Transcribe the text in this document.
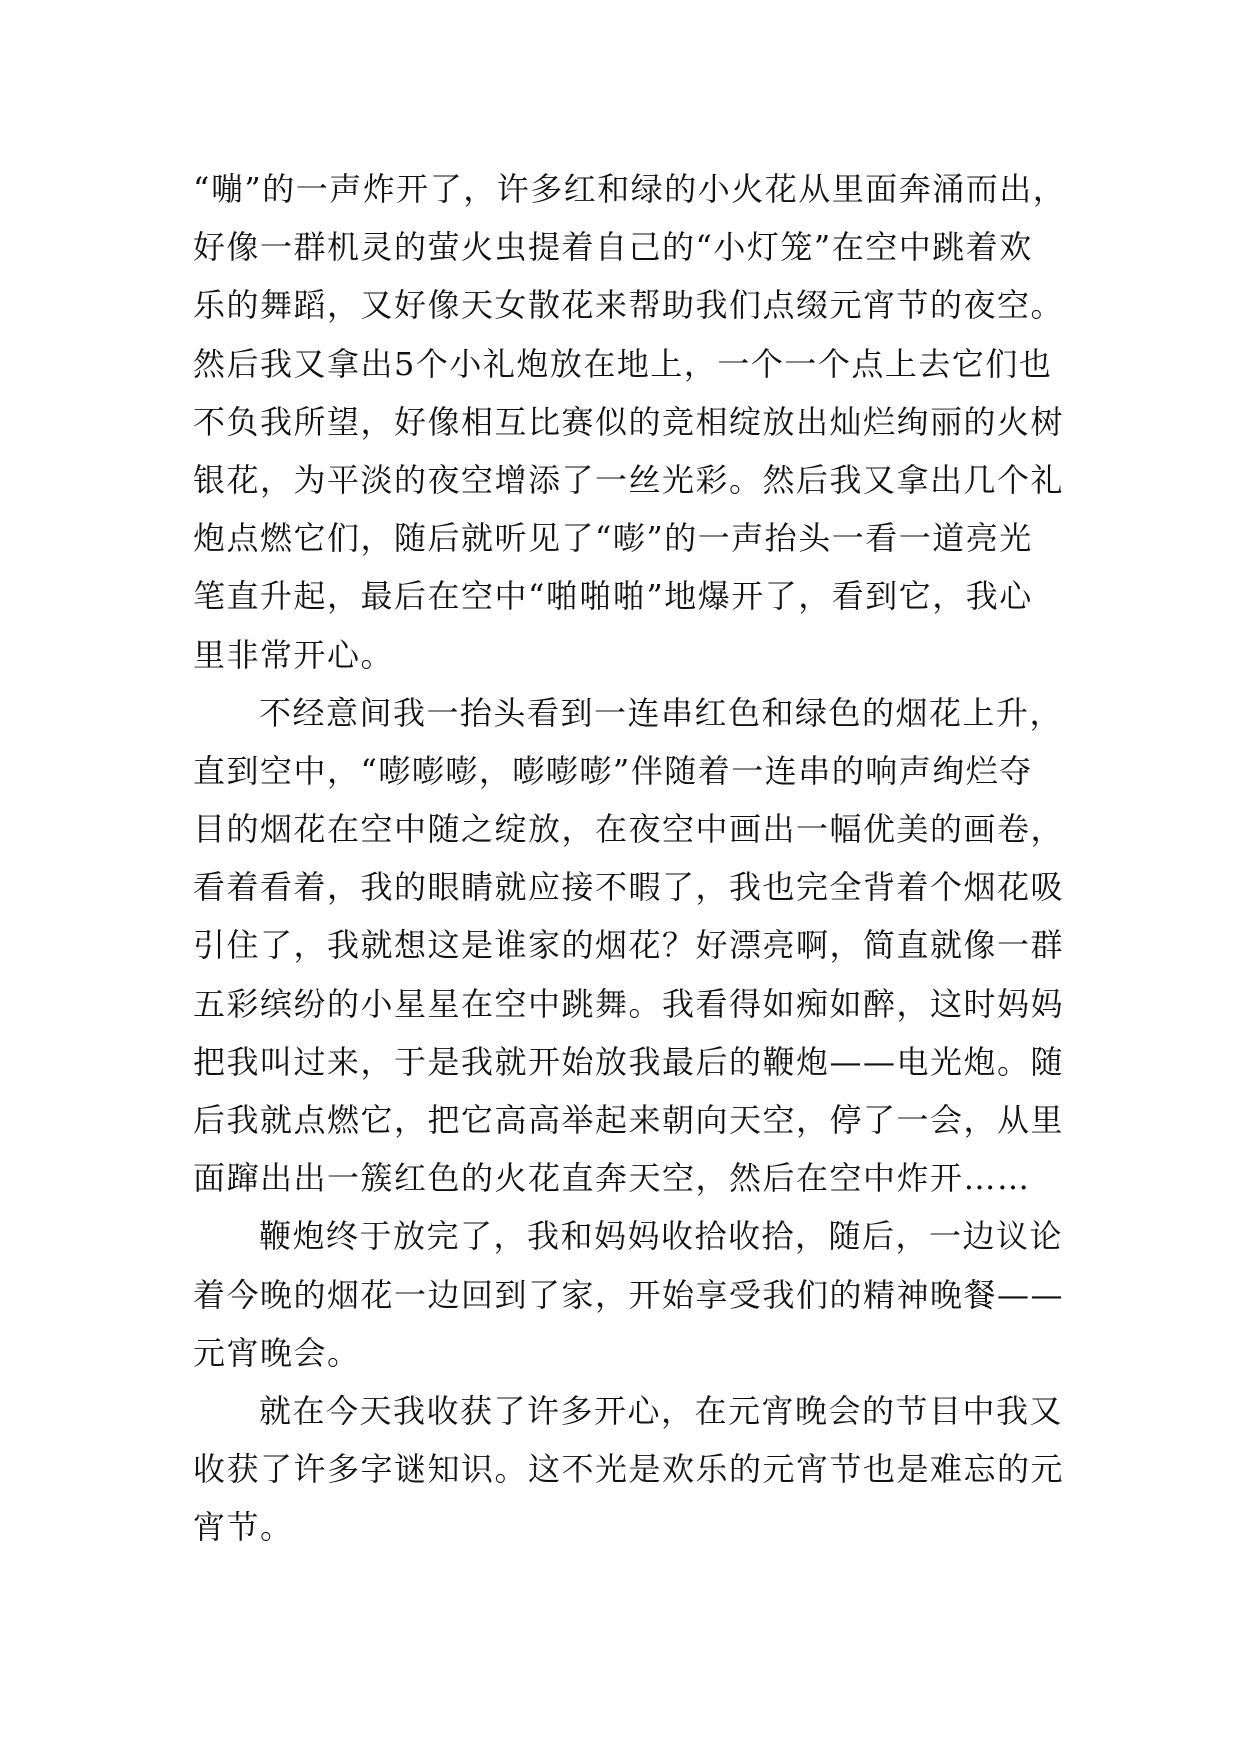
“嘣”的一声炸开了，许多红和绿的小火花从里面奔涌而出，
好像一群机灵的萤火虫提着自己的“小灯笼”在空中跳着欢
乐的舞蹈，又好像天女散花来帮助我们点缀元宵节的夜空。
然后我又拿出5个小礼炮放在地上，一个一个点上去它们也
不负我所望，好像相互比赛似的竞相绽放出灿烂绚丽的火树
银花，为平淡的夜空增添了一丝光彩。然后我又拿出几个礼
炮点燃它们，随后就听见了“嘭”的一声抬头一看一道亮光
笔直升起，最后在空中“啪啪啪”地爆开了，看到它，我心
里非常开心。
不经意间我一抬头看到一连串红色和绿色的烟花上升，
直到空中，“嘭嘭嘭，嘭嘭嘭”伴随着一连串的响声绚烂夺
目的烟花在空中随之绽放，在夜空中画出一幅优美的画卷，
看着看着，我的眼睛就应接不暇了，我也完全背着个烟花吸
引住了，我就想这是谁家的烟花？好漂亮啊，简直就像一群
五彩缤纷的小星星在空中跳舞。我看得如痴如醉，这时妈妈
把我叫过来，于是我就开始放我最后的鞭炮——电光炮。随
后我就点燃它，把它高高举起来朝向天空，停了一会，从里
面蹿出出一簇红色的火花直奔天空，然后在空中炸开……
鞭炮终于放完了，我和妈妈收拾收拾，随后，一边议论
着今晚的烟花一边回到了家，开始享受我们的精神晚餐——
元宵晚会。
就在今天我收获了许多开心，在元宵晚会的节目中我又
收获了许多字谜知识。这不光是欢乐的元宵节也是难忘的元
宵节。
